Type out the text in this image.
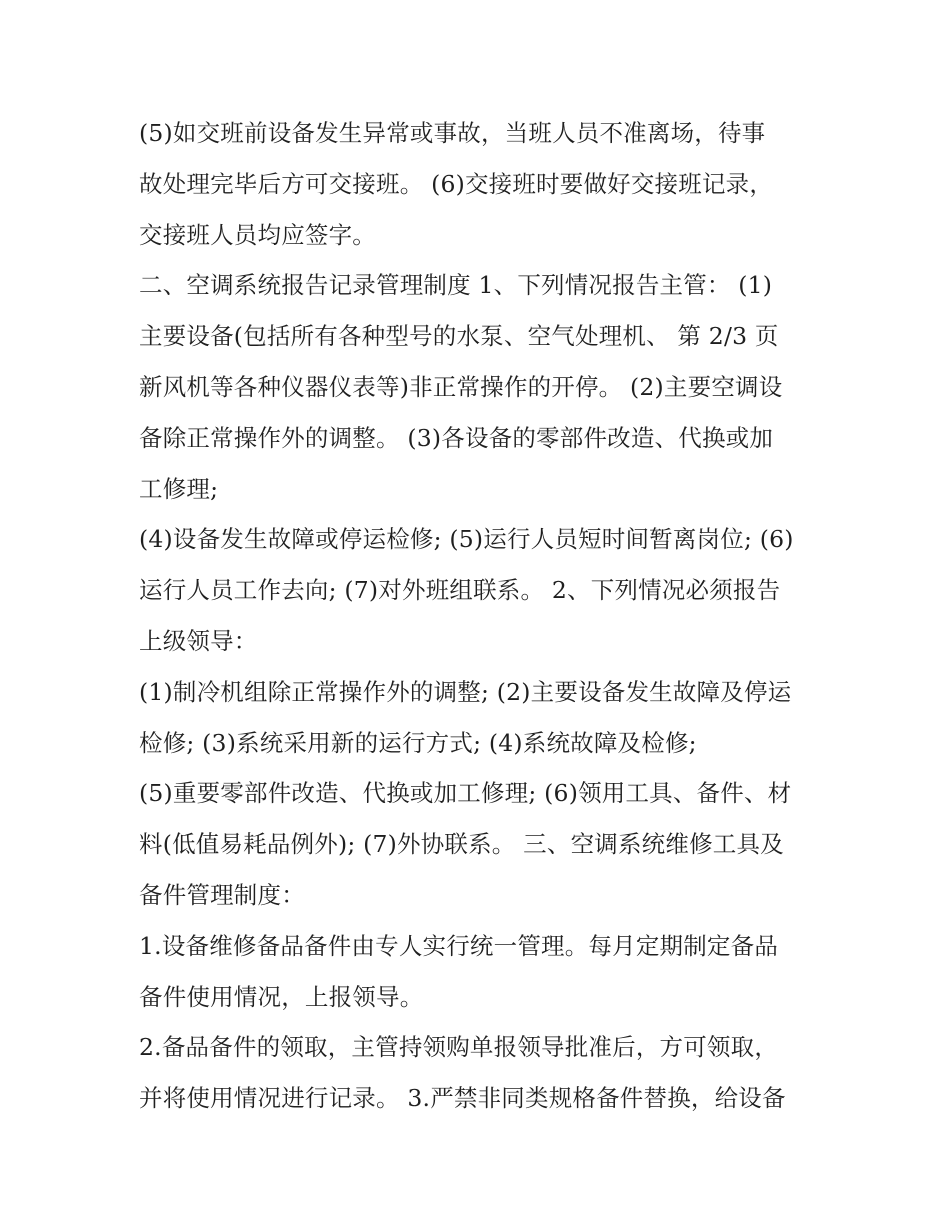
(5)如交班前设备发生异常或事故，当班人员不准离场，待事
故处理完毕后方可交接班。 (6)交接班时要做好交接班记录，
交接班人员均应签字。
二、空调系统报告记录管理制度 1、下列情况报告主管： (1)
主要设备(包括所有各种型号的水泵、空气处理机、 第 2/3 页
新风机等各种仪器仪表等)非正常操作的开停。 (2)主要空调设
备除正常操作外的调整。 (3)各设备的零部件改造、代换或加
工修理;
(4)设备发生故障或停运检修; (5)运行人员短时间暂离岗位; (6)
运行人员工作去向; (7)对外班组联系。 2、下列情况必须报告
上级领导：
(1)制冷机组除正常操作外的调整; (2)主要设备发生故障及停运
检修; (3)系统采用新的运行方式; (4)系统故障及检修;
(5)重要零部件改造、代换或加工修理; (6)领用工具、备件、材
料(低值易耗品例外); (7)外协联系。 三、空调系统维修工具及
备件管理制度：
1.设备维修备品备件由专人实行统一管理。每月定期制定备品
备件使用情况，上报领导。
2.备品备件的领取，主管持领购单报领导批准后，方可领取，
并将使用情况进行记录。 3.严禁非同类规格备件替换，给设备
